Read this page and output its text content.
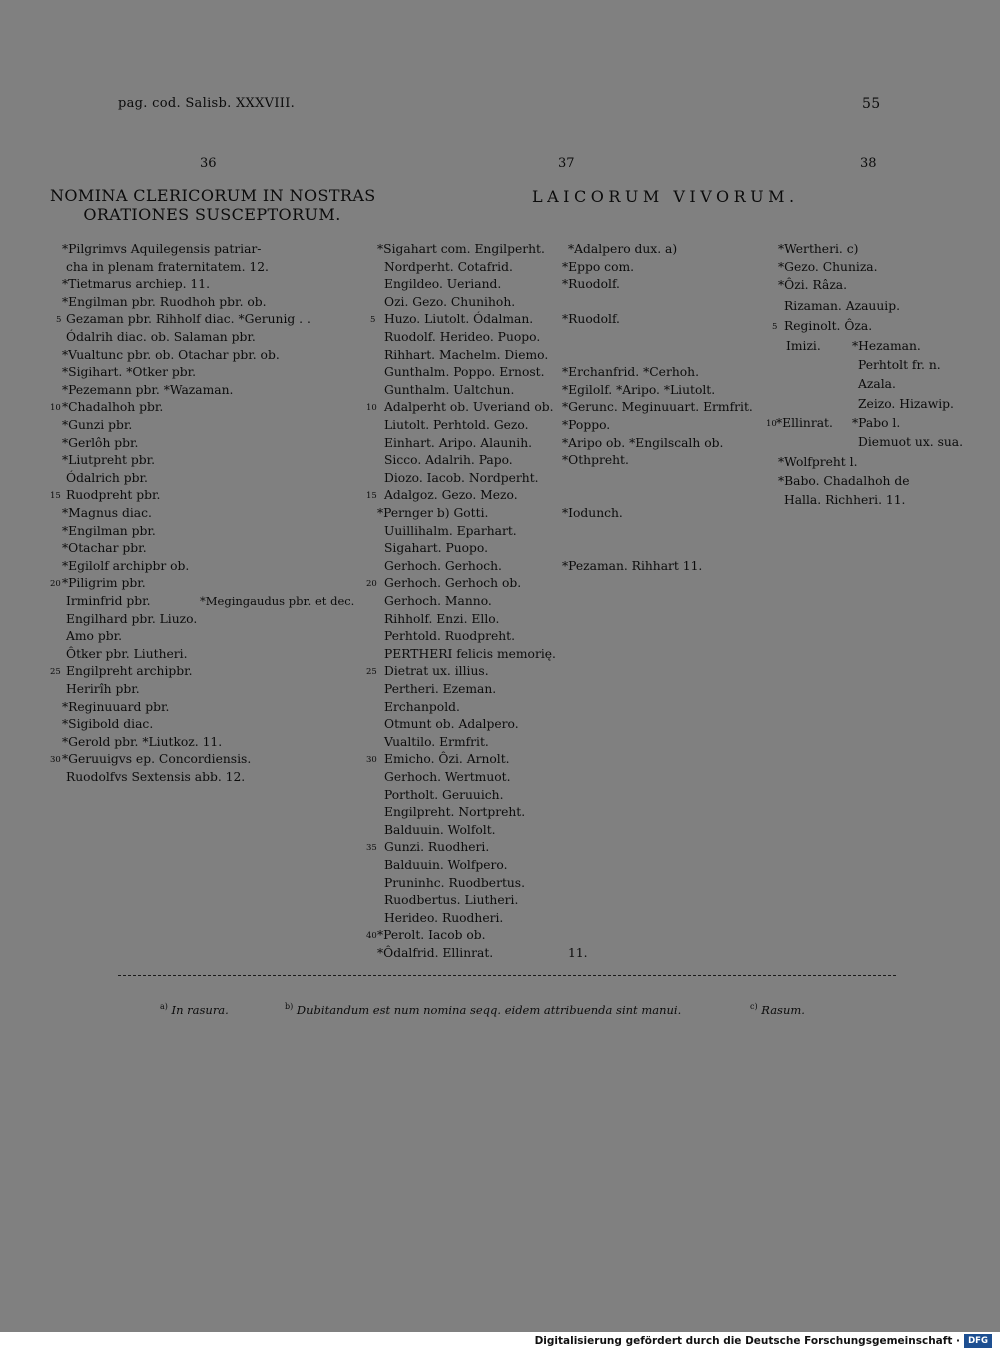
pag. cod. Salisb. XXXVIII.	55
36	37	38
NOMINA CLERICORUM IN NOSTRAS
ORATIONES SUSCEPTORUM.
LAICORUM VIVORUM.
*Pilgrimvs Aquilegensis patriar-
cha in plenam fraternitatem. 12.
*Tietmarus archiep. 11.
*Engilman pbr. Ruodhoh pbr. ob.
Gezaman pbr. Rihholf diac. *Gerunig . .
Ódalrih diac. ob. Salaman pbr.
*Vualtunc pbr. ob. Otachar pbr. ob.
*Sigihart. *Otker pbr.
*Pezemann pbr. *Wazaman.
*Chadalhoh pbr.
*Gunzi pbr.
*Gerlôh pbr.
*Liutpreht pbr.
Ódalrich pbr.
Ruodpreht pbr.
*Magnus diac.
*Engilman pbr.
*Otachar pbr.
*Egilolf archipbr ob.
*Piligrim pbr.
Irminfrid pbr.
Engilhard pbr. Liuzo.
Amo pbr.
Ôtker pbr. Liutheri.
Engilpreht archipbr.
Herirîh pbr.
*Reginuuard pbr.
*Sigibold diac.
*Gerold pbr. *Liutkoz. 11.
*Geruuigvs ep. Concordiensis.
Ruodolfvs Sextensis abb. 12.
*Megingaudus pbr. et dec.
5
10
15
20
25
30
*Sigahart com. Engilperht.
Nordperht. Cotafrid.
Engildeo. Ueriand.
Ozi. Gezo. Chunihoh.
Huzo. Liutolt. Ódalman.
Ruodolf. Herideo. Puopo.
Rihhart. Machelm. Diemo.
Gunthalm. Poppo. Ernost.
Gunthalm. Ualtchun.
Adalperht ob. Uveriand ob.
Liutolt. Perhtold. Gezo.
Einhart. Aripo. Alaunih.
Sicco. Adalrih. Papo.
Diozo. Iacob. Nordperht.
Adalgoz. Gezo. Mezo.
*Pernger b) Gotti.
Uuillihalm. Eparhart.
Sigahart. Puopo.
Gerhoch. Gerhoch.
Gerhoch. Gerhoch ob.
Gerhoch. Manno.
Rihholf. Enzi. Ello.
Perhtold. Ruodpreht.
PERTHERI felicis memorię.
Dietrat ux. illius.
Pertheri. Ezeman.
Erchanpold.
Otmunt ob. Adalpero.
Vualtilo. Ermfrit.
Emicho. Ôzi. Arnolt.
Gerhoch. Wertmuot.
Portholt. Geruuich.
Engilpreht. Nortpreht.
Balduuin. Wolfolt.
Gunzi. Ruodheri.
Balduuin. Wolfpero.
Pruninhc. Ruodbertus.
Ruodbertus. Liutheri.
Herideo. Ruodheri.
*Perolt. Iacob ob.
*Ôdalfrid. Ellinrat.
5
10
15
20
25
30
35
40
*Adalpero dux. a)
*Eppo com.
*Ruodolf.
*Ruodolf.
*Erchanfrid. *Cerhoh.
*Egilolf. *Aripo. *Liutolt.
*Gerunc. Meginuuart. Ermfrit.
*Poppo.
*Aripo ob. *Engilscalh ob.
*Othpreht.
*Iodunch.
*Pezaman. Rihhart 11.
11.
*Wertheri. c)
*Gezo. Chuniza.
*Ôzi. Râza.
Rizaman. Azauuip.
Reginolt. Ôza.
Imizi.	*Hezaman.
Perhtolt fr. n.
Azala.
Zeizo. Hizawip.
*Ellinrat. *Pabo l.
Diemuot ux. sua.
*Wolfpreht l.
*Babo. Chadalhoh de
Halla. Richheri. 11.
5
10
$^{a)}$ In rasura.	$^{b)}$ Dubitandum est num nomina seqq. eidem attribuenda sint manui.	$^{c)}$ Rasum.
Digitalisierung gefördert durch die Deutsche Forschungsgemeinschaft · DFG
